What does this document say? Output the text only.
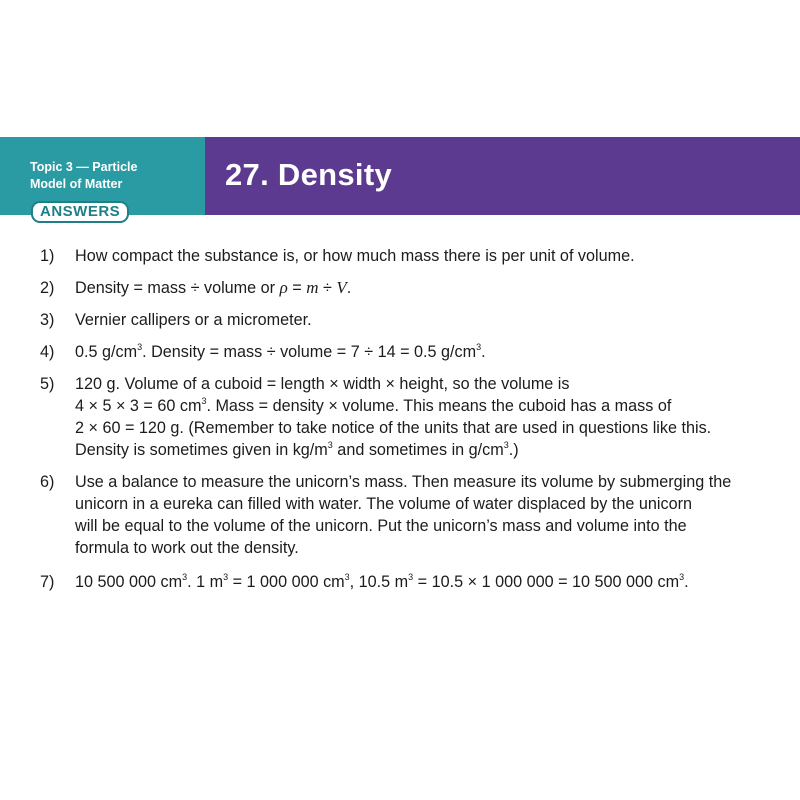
Topic 3 — Particle
Model of Matter
ANSWERS
27. Density
1)	How compact the substance is, or how much mass there is per unit of volume.
2)	Density = mass ÷ volume or ρ = m ÷ V.
3)	Vernier callipers or a micrometer.
4)	0.5 $g/cm^3$. Density = mass ÷ volume = 7 ÷ 14 = 0.5 $g/cm^3$.
5)	120 g. Volume of a cuboid = length × width × height, so the volume is
4 × 5 × 3 = 60 $cm^3$. Mass = density × volume. This means the cuboid has a mass of
2 × 60 = 120 g. (Remember to take notice of the units that are used in questions like this.
Density is sometimes given in $kg/m^3$ and sometimes in $g/cm^3$.)
6)	Use a balance to measure the unicorn’s mass. Then measure its volume by submerging the
unicorn in a eureka can filled with water. The volume of water displaced by the unicorn
will be equal to the volume of the unicorn. Put the unicorn’s mass and volume into the
formula to work out the density.
7)	10 500 000 $cm^3$. 1 $m^3 = 1$ 000 000 $cm^3$, 10.5 $m^3 = 10.5 \times 1$ 000 000 = 10 500 000 $cm^3$.
